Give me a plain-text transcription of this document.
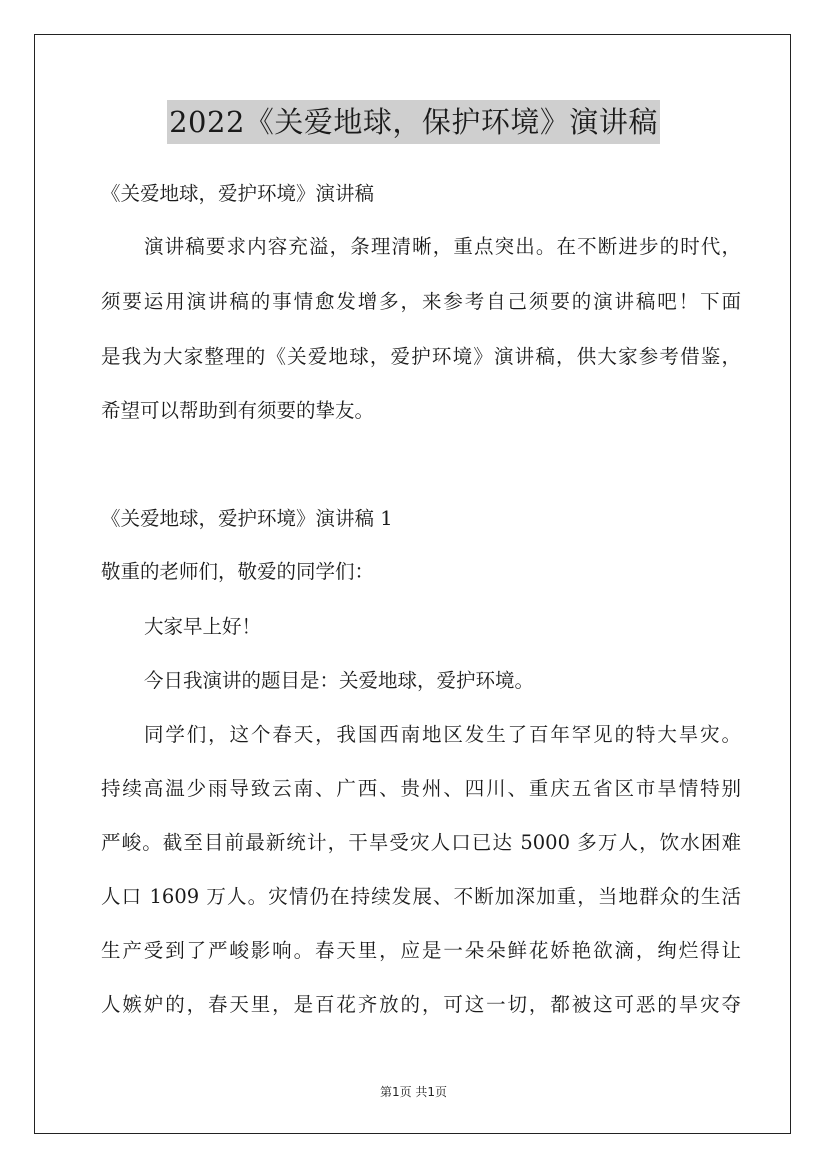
2022《关爱地球，保护环境》演讲稿
《关爱地球，爱护环境》演讲稿
演讲稿要求内容充溢，条理清晰，重点突出。在不断进步的时代，
须要运用演讲稿的事情愈发增多，来参考自己须要的演讲稿吧！下面
是我为大家整理的《关爱地球，爱护环境》演讲稿，供大家参考借鉴，
希望可以帮助到有须要的挚友。
《关爱地球，爱护环境》演讲稿 1
敬重的老师们，敬爱的同学们：
大家早上好！
今日我演讲的题目是：关爱地球，爱护环境。
同学们，这个春天，我国西南地区发生了百年罕见的特大旱灾。
持续高温少雨导致云南、广西、贵州、四川、重庆五省区市旱情特别
严峻。截至目前最新统计，干旱受灾人口已达 5000 多万人，饮水困难
人口 1609 万人。灾情仍在持续发展、不断加深加重，当地群众的生活
生产受到了严峻影响。春天里，应是一朵朵鲜花娇艳欲滴，绚烂得让
人嫉妒的，春天里，是百花齐放的，可这一切，都被这可恶的旱灾夺
第1页 共1页
